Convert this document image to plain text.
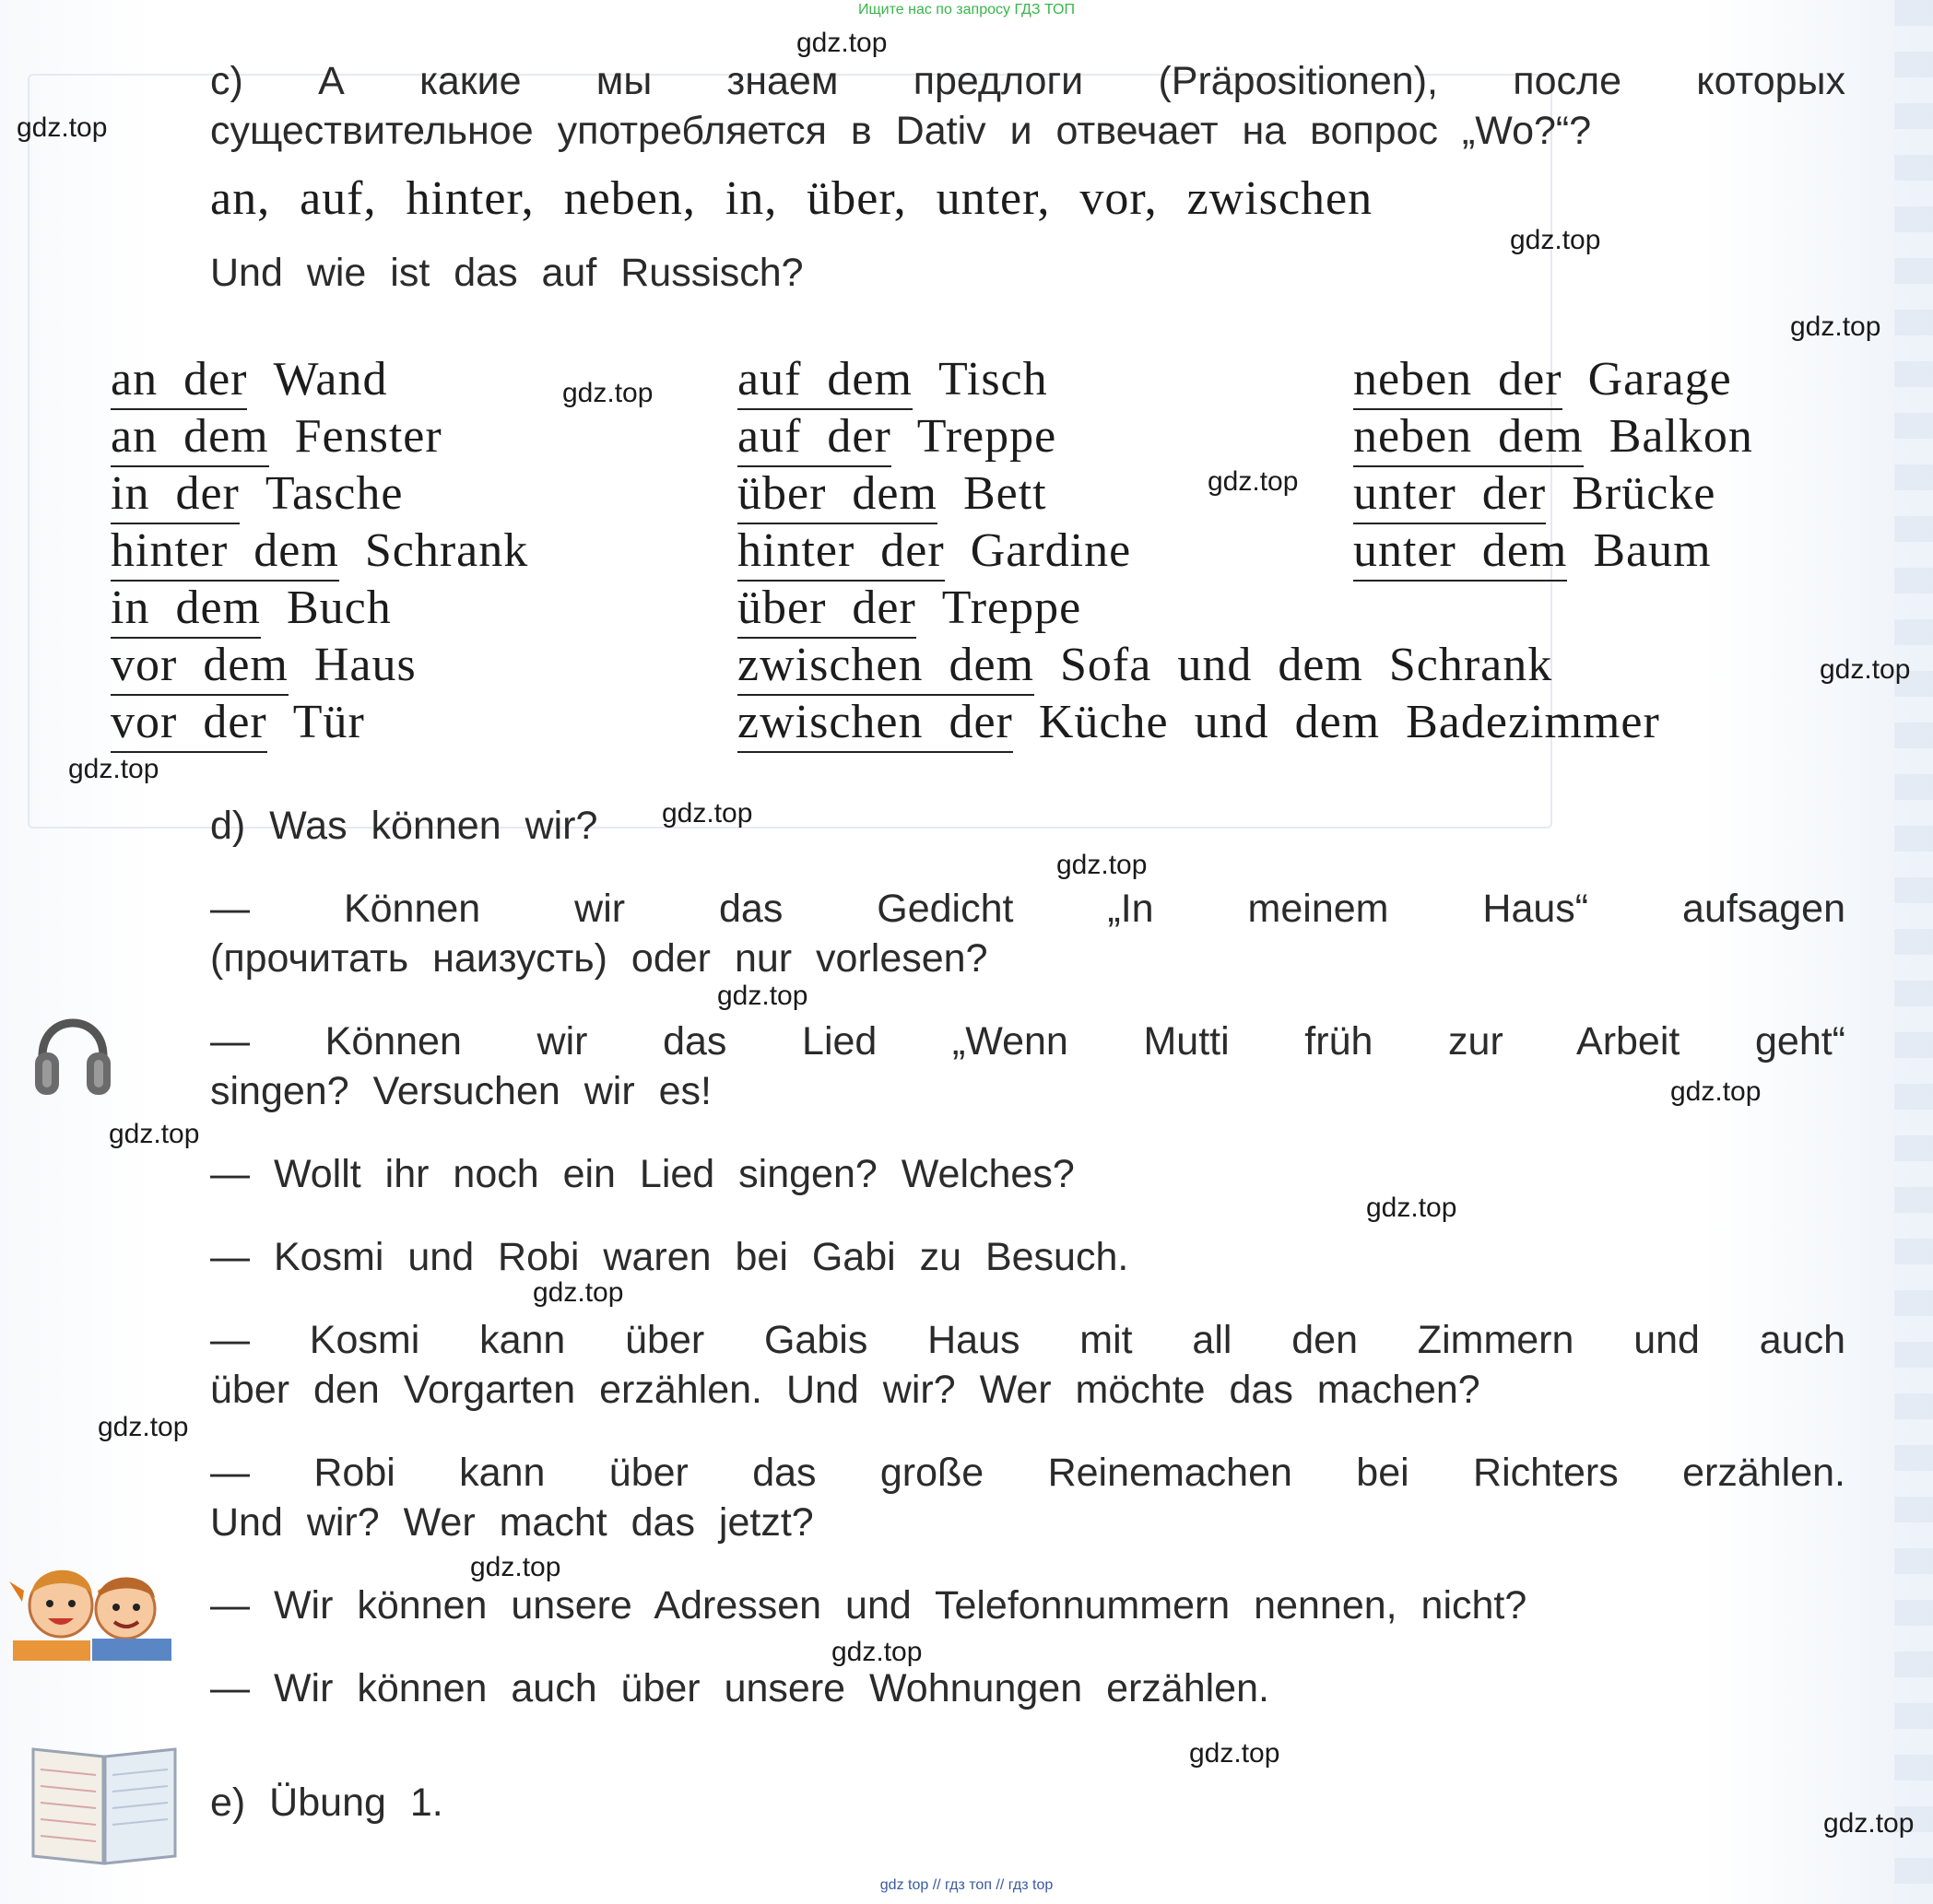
Ищите нас по запросу ГДЗ ТОП
gdz top // гдз топ // гдз top
c) А какие мы знаем предлоги (Präpositionen), после которых
существительное употребляется в Dativ и отвечает на вопрос „Wo?“?
an, auf, hinter, neben, in, über, unter, vor, zwischen
Und wie ist das auf Russisch?
an der Wand
an dem Fenster
in der Tasche
hinter dem Schrank
in dem Buch
vor dem Haus
vor der Tür
auf dem Tisch
auf der Treppe
über dem Bett
hinter der Gardine
über der Treppe
neben der Garage
neben dem Balkon
unter der Brücke
unter dem Baum
zwischen dem Sofa und dem Schrank
zwischen der Küche und dem Badezimmer
d) Was können wir?
— Können wir das Gedicht „In meinem Haus“ aufsagen
(прочитать наизусть) oder nur vorlesen?
— Können wir das Lied „Wenn Mutti früh zur Arbeit geht“
singen? Versuchen wir es!
— Wollt ihr noch ein Lied singen? Welches?
— Kosmi und Robi waren bei Gabi zu Besuch.
— Kosmi kann über Gabis Haus mit all den Zimmern und auch
über den Vorgarten erzählen. Und wir? Wer möchte das machen?
— Robi kann über das große Reinemachen bei Richters erzählen.
Und wir? Wer macht das jetzt?
— Wir können unsere Adressen und Telefonnummern nennen, nicht?
— Wir können auch über unsere Wohnungen erzählen.
e) Übung 1.
gdz.top
gdz.top
gdz.top
gdz.top
gdz.top
gdz.top
gdz.top
gdz.top
gdz.top
gdz.top
gdz.top
gdz.top
gdz.top
gdz.top
gdz.top
gdz.top
gdz.top
gdz.top
gdz.top
gdz.top
